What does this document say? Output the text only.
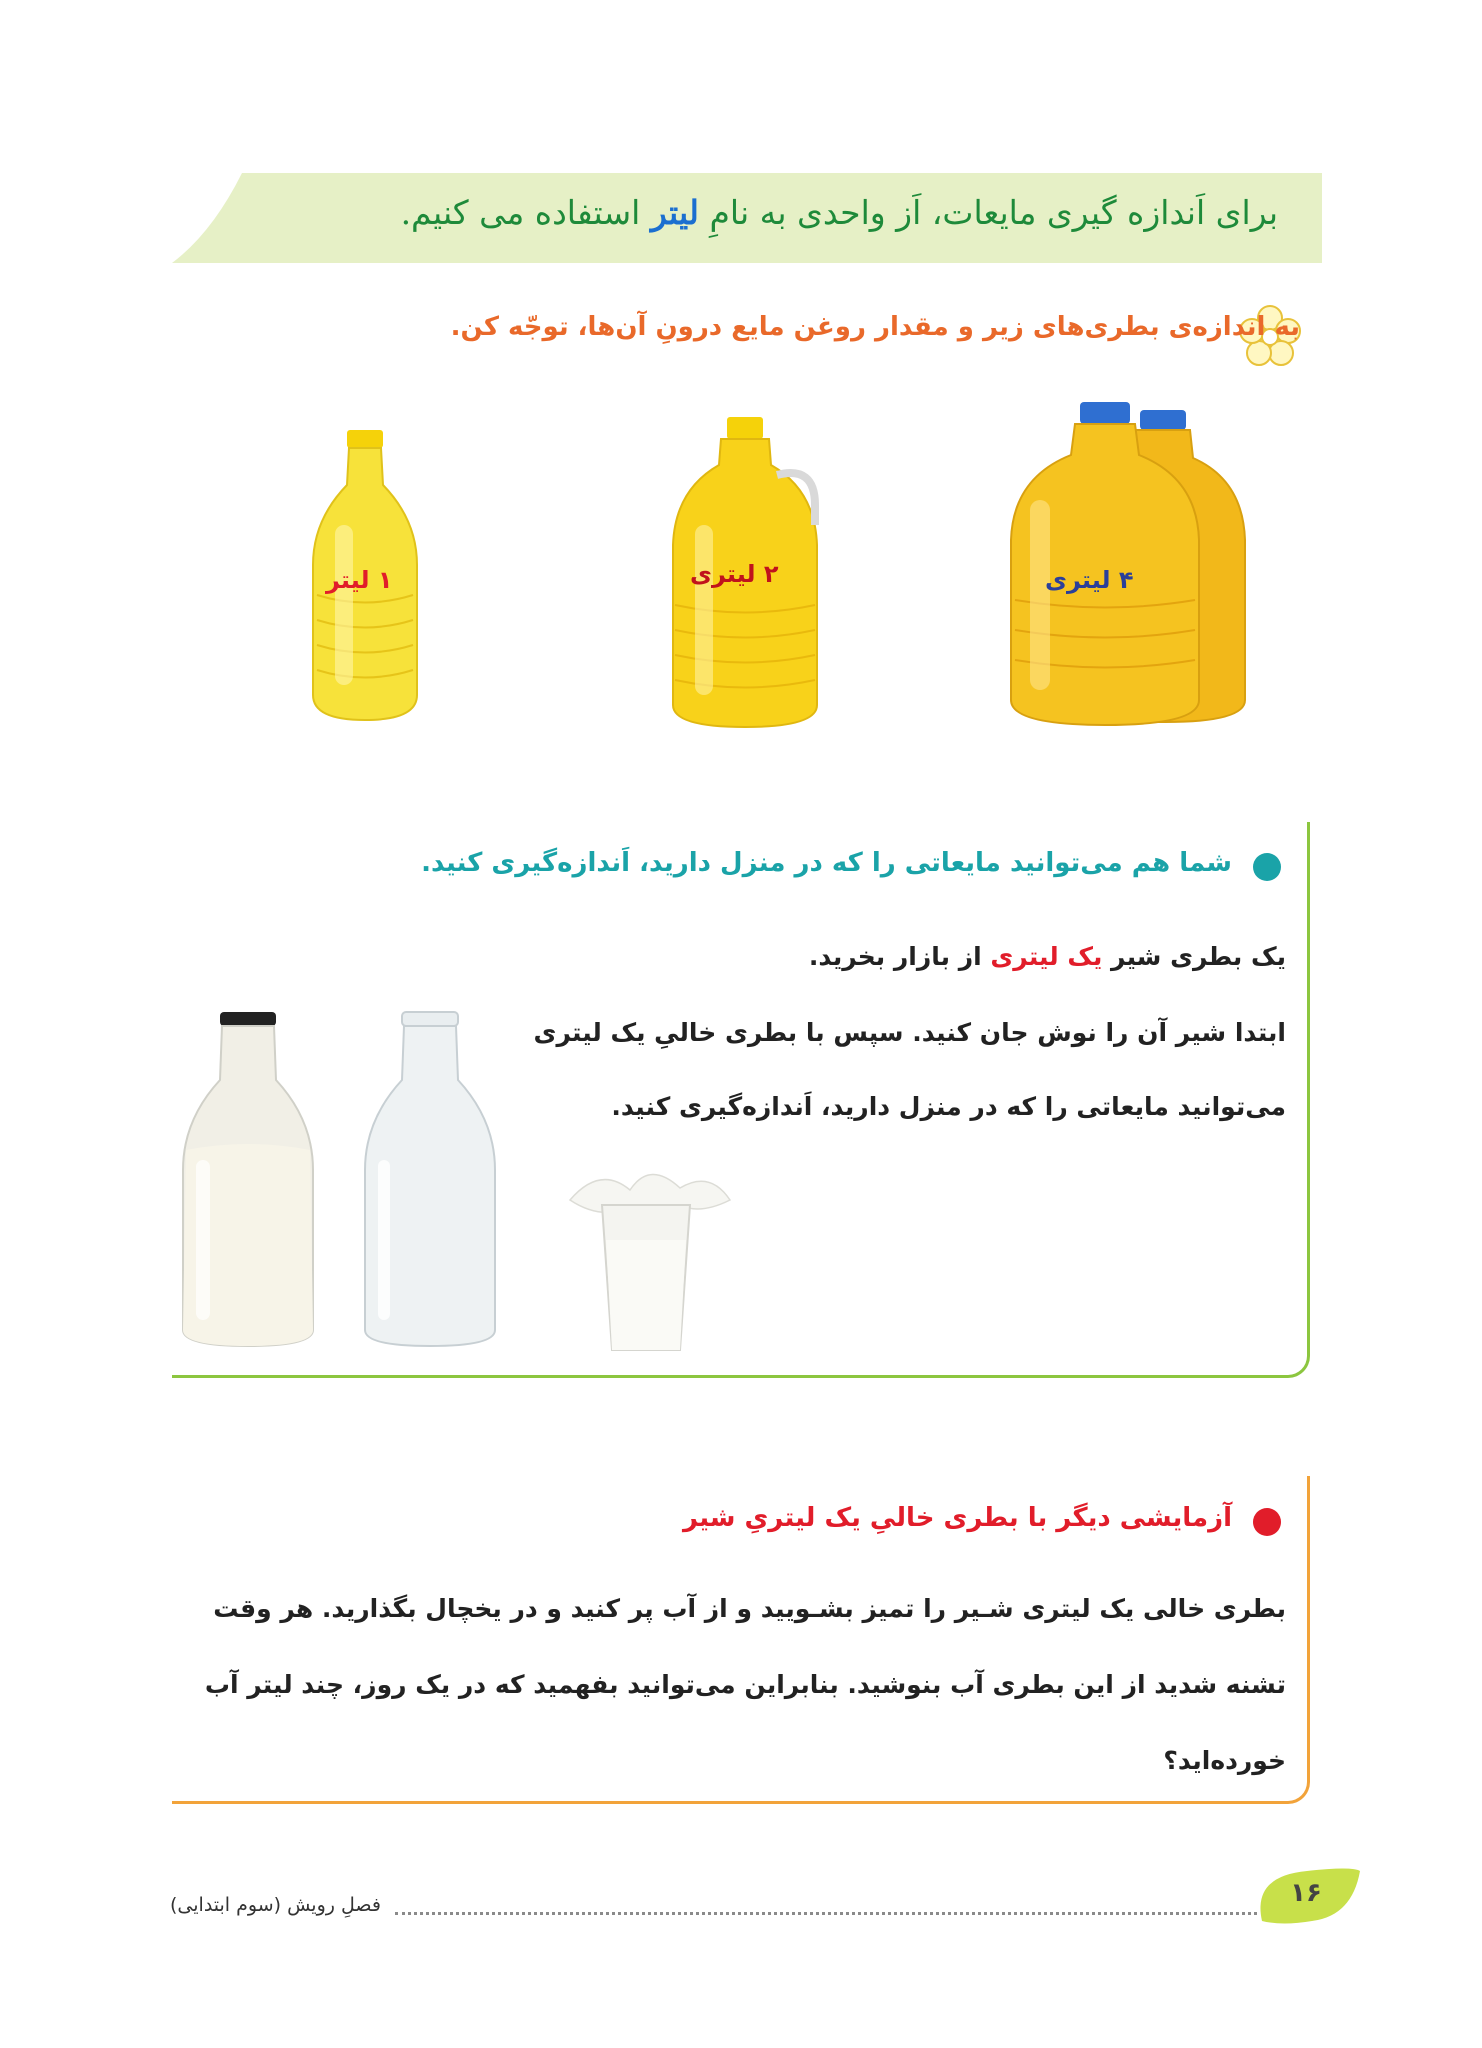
برای اَندازه گیری مایعات، اَز واحدی به نامِ لیتر استفاده می کنیم.
به اندازه‌ی بطری‌های زیر و مقدار روغن مایع درونِ آن‌ها، توجّه کن.
۱ لیتر	۲ لیتری	۴ لیتری
شما هم می‌توانید مایعاتی را که در منزل دارید، اَندازه‌گیری کنید.
یک بطری شیر یک لیتری از بازار بخرید.
ابتدا شیر آن را نوش جان کنید. سپس با بطری خالیِ یک لیتری
می‌توانید مایعاتی را که در منزل دارید، اَندازه‌گیری کنید.
آزمایشی دیگر با بطری خالیِ یک لیتریِ شیر
بطری خالی یک لیتری شـیر را تمیز بشـویید و از آب پر کنید و در یخچال بگذارید. هر وقت
تشنه شدید از این بطری آب بنوشید. بنابراین می‌توانید بفهمید که در یک روز، چند لیتر آب
خورده‌اید؟
۱۶
فصلِ رویش (سوم ابتدایی)
